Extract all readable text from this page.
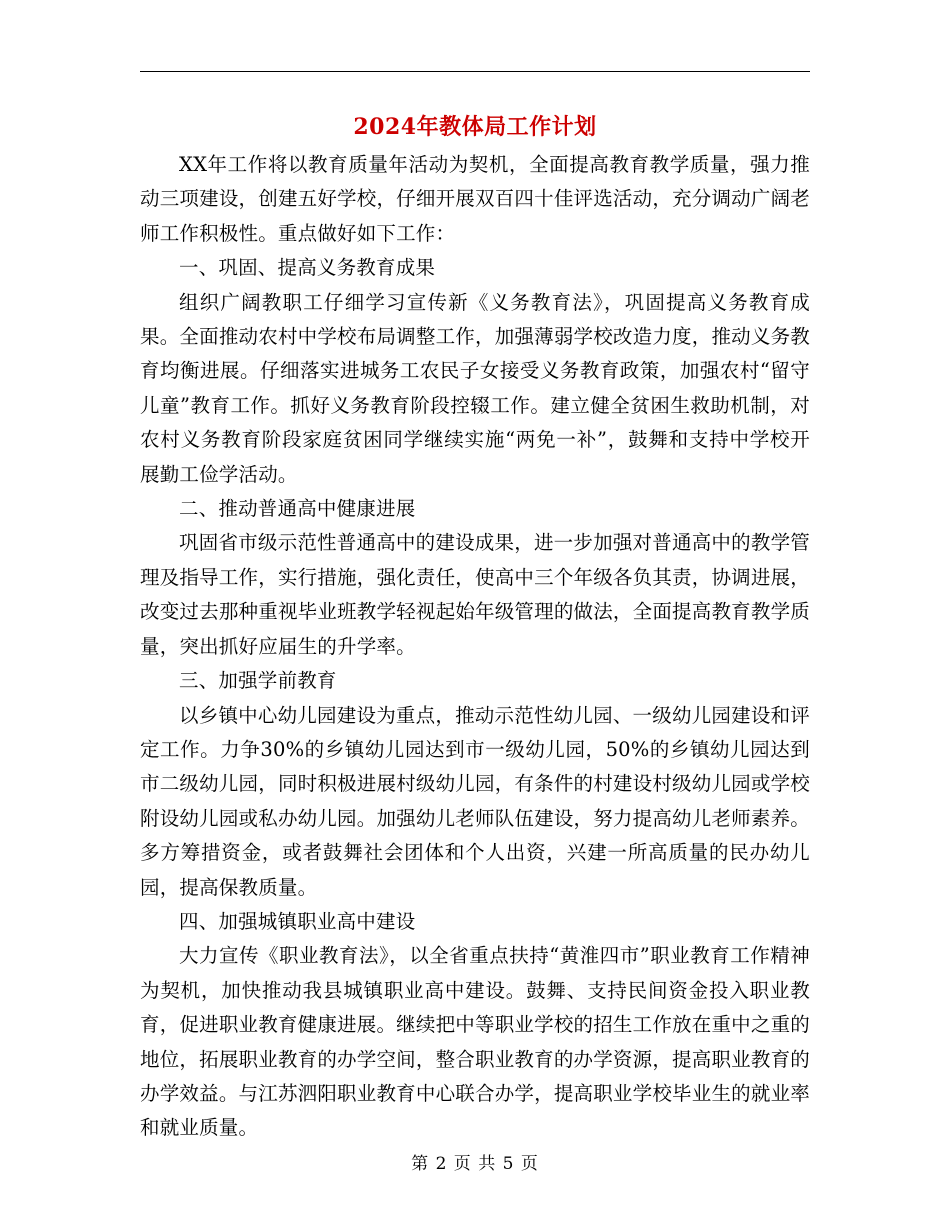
2024年教体局工作计划

XX年工作将以教育质量年活动为契机，全面提高教育教学质量，强力推动三项建设，创建五好学校，仔细开展双百四十佳评选活动，充分调动广阔老师工作积极性。重点做好如下工作：

一、巩固、提高义务教育成果

组织广阔教职工仔细学习宣传新《义务教育法》，巩固提高义务教育成果。全面推动农村中学校布局调整工作，加强薄弱学校改造力度，推动义务教育均衡进展。仔细落实进城务工农民子女接受义务教育政策，加强农村“留守儿童”教育工作。抓好义务教育阶段控辍工作。建立健全贫困生救助机制，对农村义务教育阶段家庭贫困同学继续实施“两免一补”，鼓舞和支持中学校开展勤工俭学活动。

二、推动普通高中健康进展

巩固省市级示范性普通高中的建设成果，进一步加强对普通高中的教学管理及指导工作，实行措施，强化责任，使高中三个年级各负其责，协调进展，改变过去那种重视毕业班教学轻视起始年级管理的做法，全面提高教育教学质量，突出抓好应届生的升学率。

三、加强学前教育

以乡镇中心幼儿园建设为重点，推动示范性幼儿园、一级幼儿园建设和评定工作。力争30%的乡镇幼儿园达到市一级幼儿园，50%的乡镇幼儿园达到市二级幼儿园，同时积极进展村级幼儿园，有条件的村建设村级幼儿园或学校附设幼儿园或私办幼儿园。加强幼儿老师队伍建设，努力提高幼儿老师素养。多方筹措资金，或者鼓舞社会团体和个人出资，兴建一所高质量的民办幼儿园，提高保教质量。

四、加强城镇职业高中建设

大力宣传《职业教育法》，以全省重点扶持“黄淮四市”职业教育工作精神为契机，加快推动我县城镇职业高中建设。鼓舞、支持民间资金投入职业教育，促进职业教育健康进展。继续把中等职业学校的招生工作放在重中之重的地位，拓展职业教育的办学空间，整合职业教育的办学资源，提高职业教育的办学效益。与江苏泗阳职业教育中心联合办学，提高职业学校毕业生的就业率和就业质量。

第 2 页 共 5 页
